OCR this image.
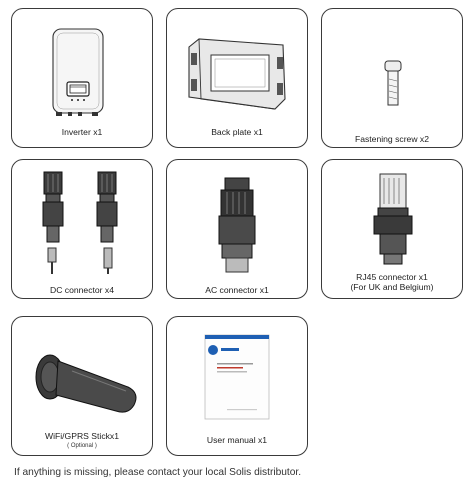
Inverter x1	Back plate x1
Fastening screw x2
DC connector x4	AC connector x1
RJ45 connector x1
(For UK and Belgium)
WiFi/GPRS Stickx1
( Optional )
User manual x1
If anything is missing, please contact your local Solis distributor.
